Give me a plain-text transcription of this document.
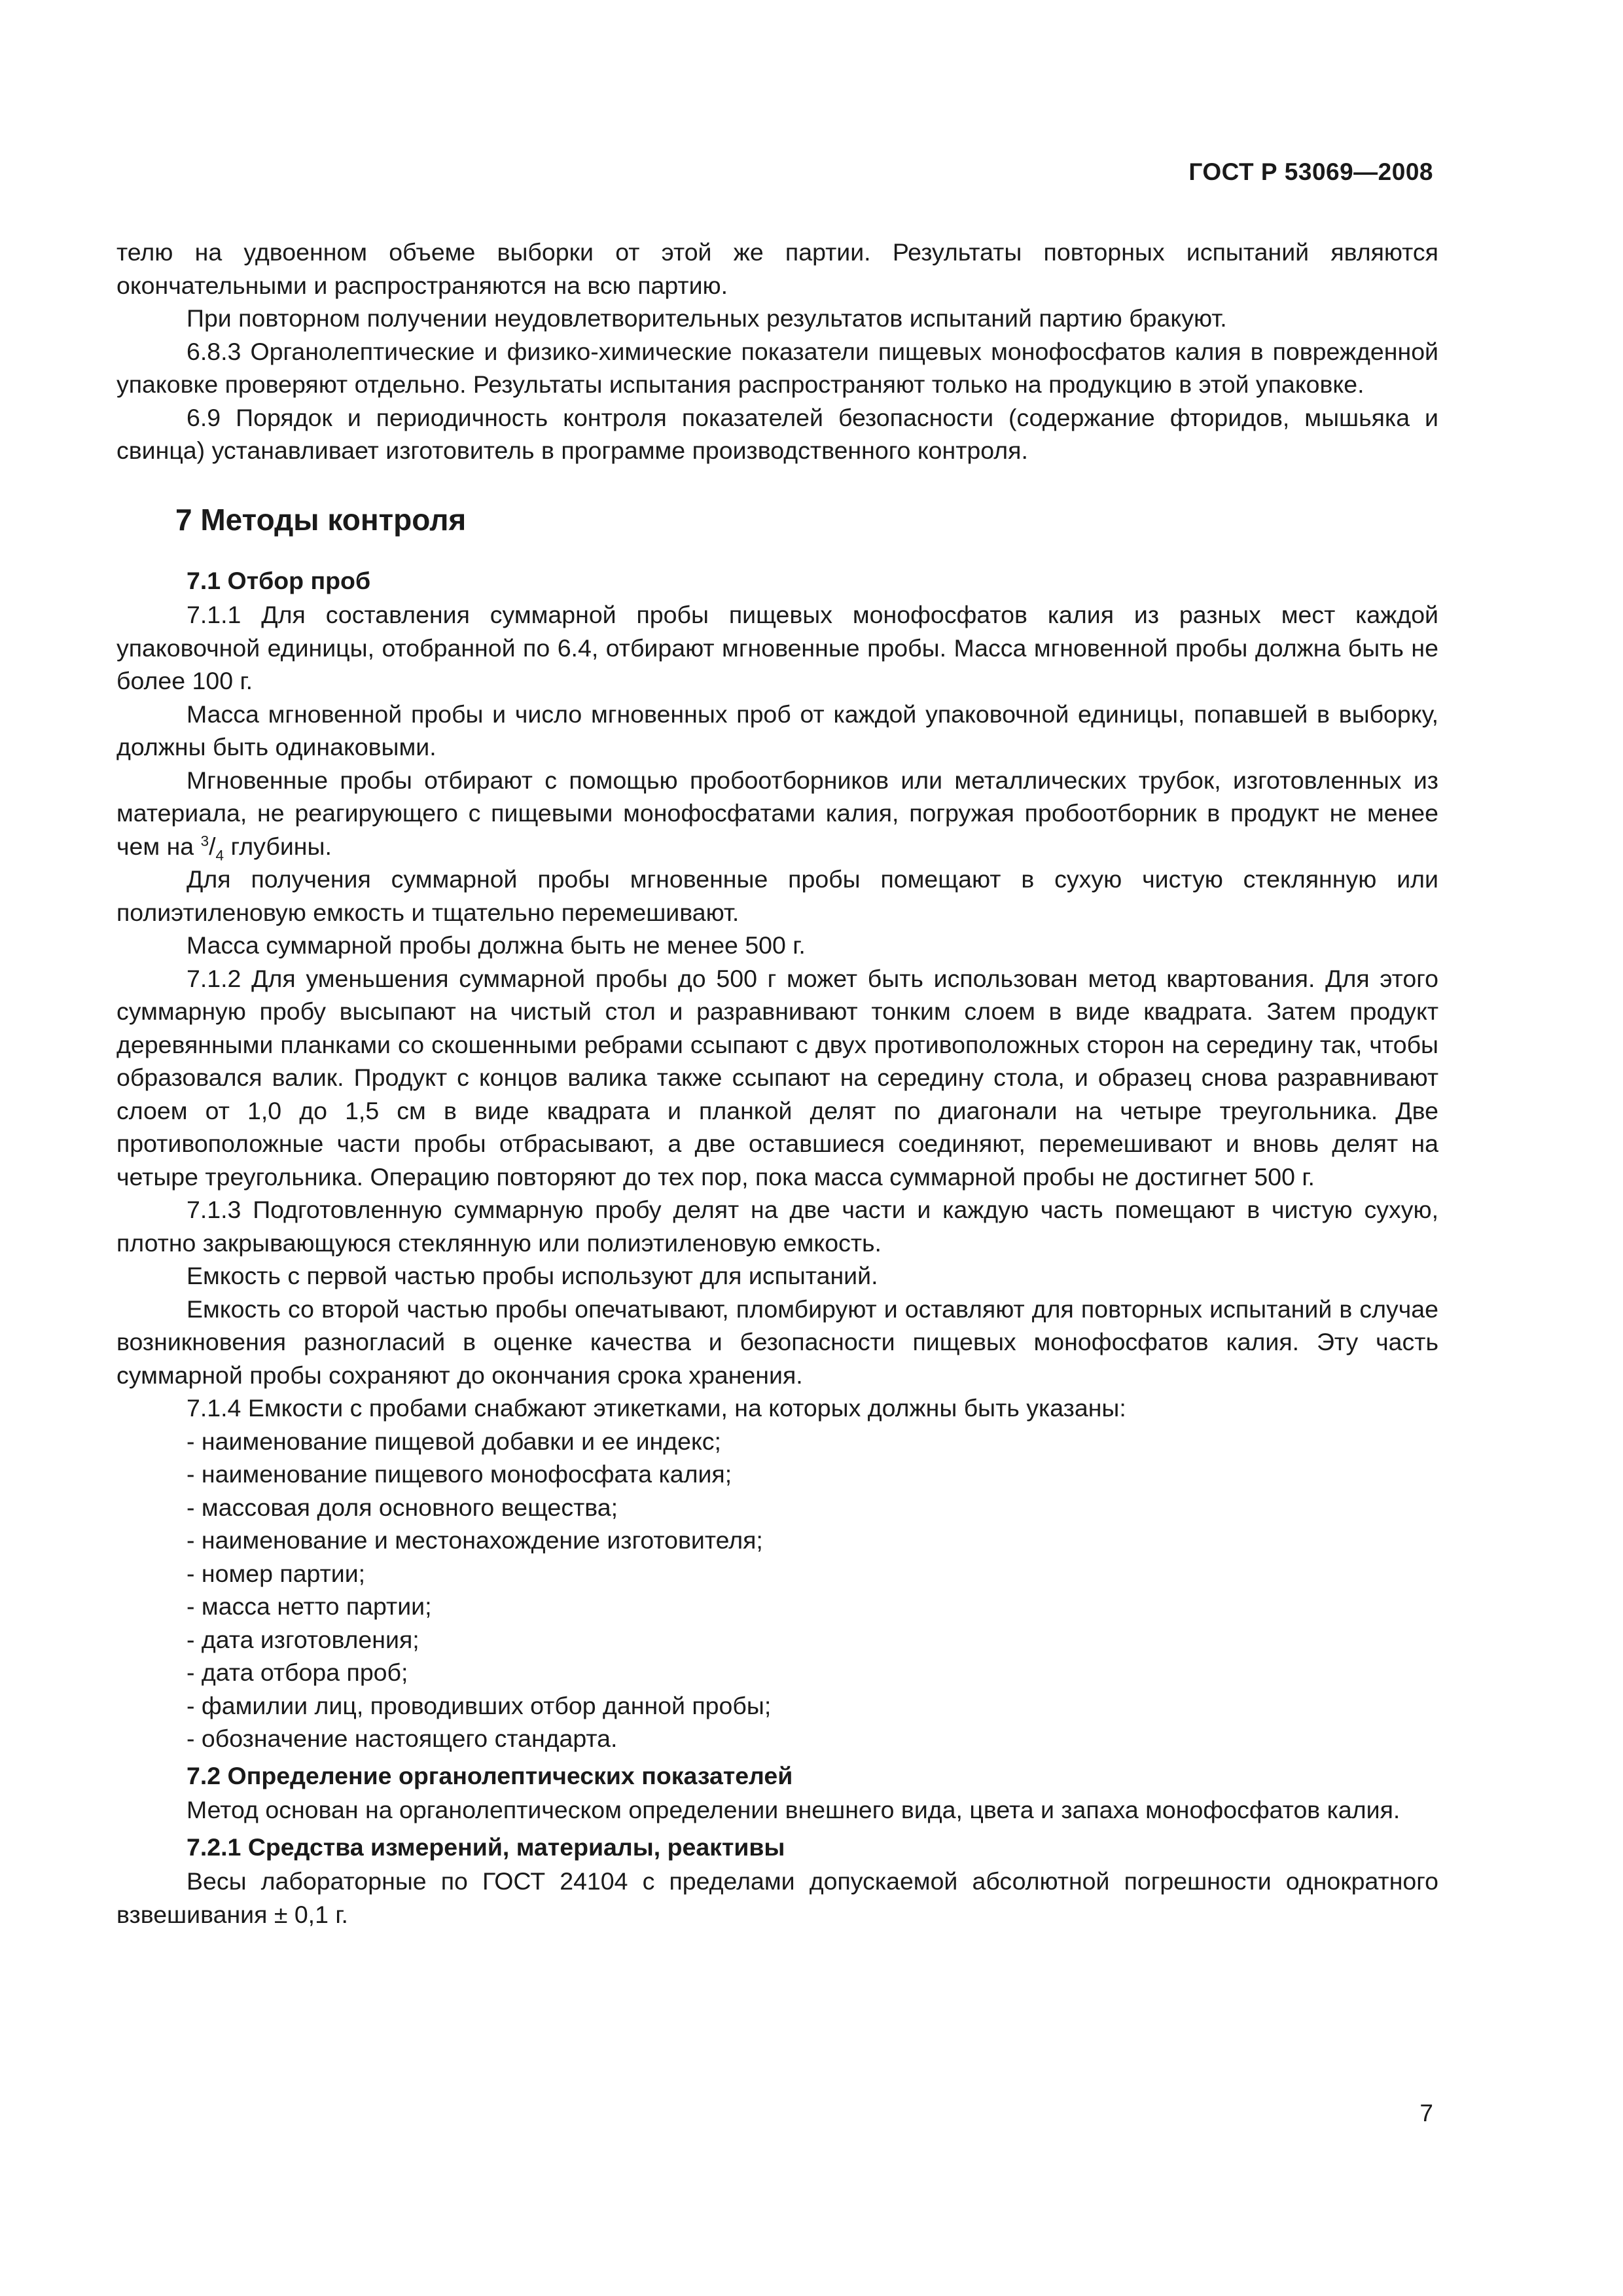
ГОСТ Р 53069—2008

телю на удвоенном объеме выборки от этой же партии. Результаты повторных испытаний являются окончательными и распространяются на всю партию.

При повторном получении неудовлетворительных результатов испытаний партию бракуют.

6.8.3 Органолептические и физико-химические показатели пищевых монофосфатов калия в поврежденной упаковке проверяют отдельно. Результаты испытания распространяют только на продукцию в этой упаковке.

6.9 Порядок и периодичность контроля показателей безопасности (содержание фторидов, мышьяка и свинца) устанавливает изготовитель в программе производственного контроля.

7 Методы контроля
7.1 Отбор проб

7.1.1 Для составления суммарной пробы пищевых монофосфатов калия из разных мест каждой упаковочной единицы, отобранной по 6.4, отбирают мгновенные пробы. Масса мгновенной пробы должна быть не более 100 г.

Масса мгновенной пробы и число мгновенных проб от каждой упаковочной единицы, попавшей в выборку, должны быть одинаковыми.

Мгновенные пробы отбирают с помощью пробоотборников или металлических трубок, изготовленных из материала, не реагирующего с пищевыми монофосфатами калия, погружая пробоотборник в продукт не менее чем на $^3/_4$ глубины.

Для получения суммарной пробы мгновенные пробы помещают в сухую чистую стеклянную или полиэтиленовую емкость и тщательно перемешивают.

Масса суммарной пробы должна быть не менее 500 г.

7.1.2 Для уменьшения суммарной пробы до 500 г может быть использован метод квартования. Для этого суммарную пробу высыпают на чистый стол и разравнивают тонким слоем в виде квадрата. Затем продукт деревянными планками со скошенными ребрами ссыпают с двух противоположных сторон на середину так, чтобы образовался валик. Продукт с концов валика также ссыпают на середину стола, и образец снова разравнивают слоем от 1,0 до 1,5 см в виде квадрата и планкой делят по диагонали на четыре треугольника. Две противоположные части пробы отбрасывают, а две оставшиеся соединяют, перемешивают и вновь делят на четыре треугольника. Операцию повторяют до тех пор, пока масса суммарной пробы не достигнет 500 г.

7.1.3 Подготовленную суммарную пробу делят на две части и каждую часть помещают в чистую сухую, плотно закрывающуюся стеклянную или полиэтиленовую емкость.

Емкость с первой частью пробы используют для испытаний.

Емкость со второй частью пробы опечатывают, пломбируют и оставляют для повторных испытаний в случае возникновения разногласий в оценке качества и безопасности пищевых монофосфатов калия. Эту часть суммарной пробы сохраняют до окончания срока хранения.

7.1.4 Емкости с пробами снабжают этикетками, на которых должны быть указаны:

- наименование пищевой добавки и ее индекс;

- наименование пищевого монофосфата калия;

- массовая доля основного вещества;

- наименование и местонахождение изготовителя;

- номер партии;

- масса нетто партии;

- дата изготовления;

- дата отбора проб;

- фамилии лиц, проводивших отбор данной пробы;

- обозначение настоящего стандарта.

7.2 Определение органолептических показателей

Метод основан на органолептическом определении внешнего вида, цвета и запаха монофосфатов калия.

7.2.1 Средства измерений, материалы, реактивы

Весы лабораторные по ГОСТ 24104 с пределами допускаемой абсолютной погрешности однократного взвешивания ± 0,1 г.

7
